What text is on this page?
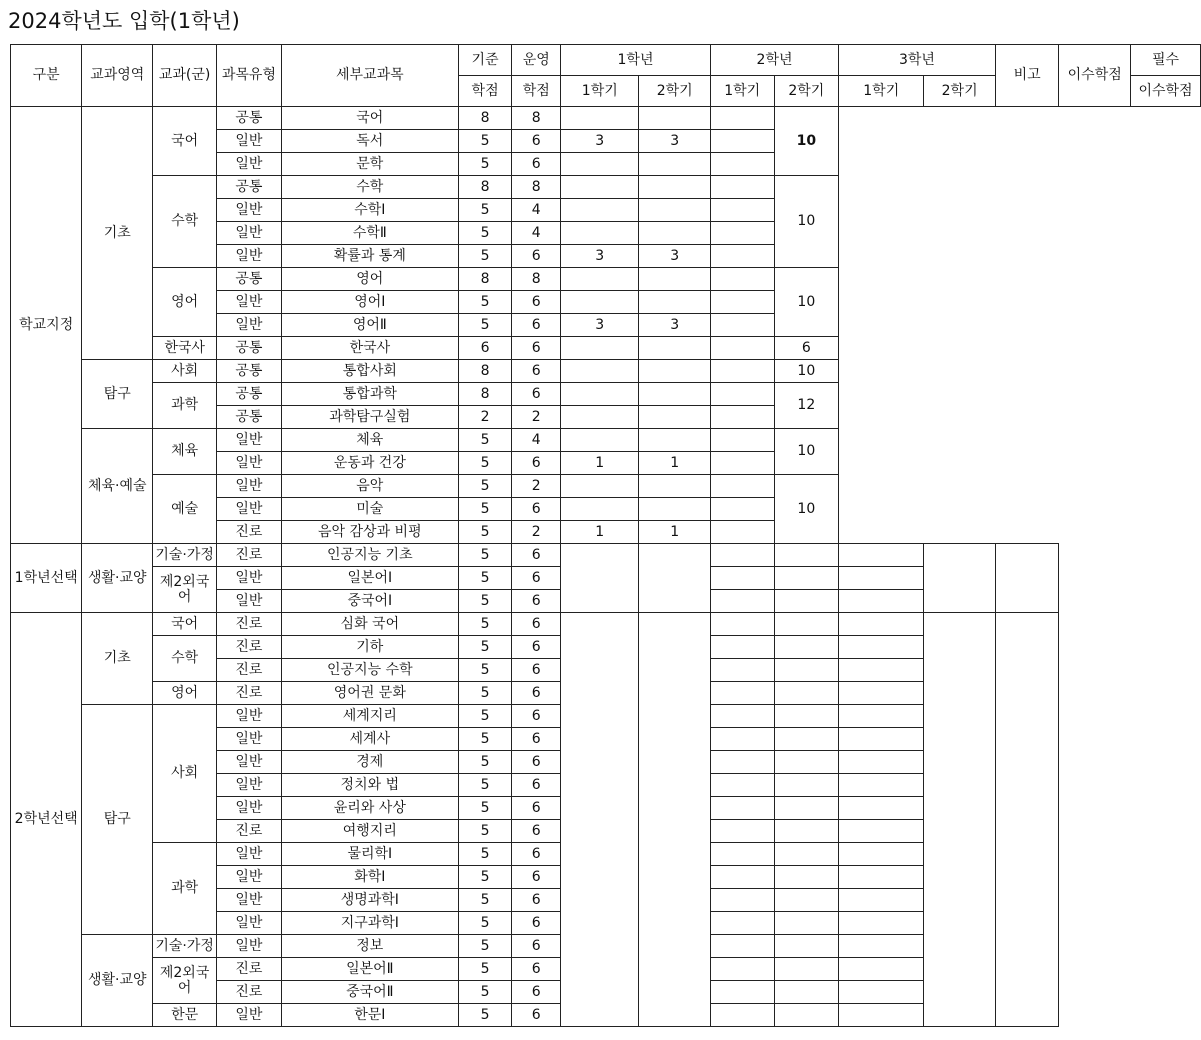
2024학년도 입학(1학년)
구분	교과영역	교과(군)	과목유형	세부교과목	기준	운영	1학년		2학년		3학년		비고	이수학점	필수
					학점	학점	1학기	2학기	1학기	2학기	1학기	2학기			이수학점
학교지정	기초	국어	공통	국어	8	8				10					
			일반	독서	5	6	3	3							
			일반	문학	5	6									
		수학	공통	수학	8	8				10					
			일반	수학Ⅰ	5	4									
			일반	수학Ⅱ	5	4									
			일반	확률과 통계	5	6	3	3							
		영어	공통	영어	8	8				10					
			일반	영어Ⅰ	5	6									
			일반	영어Ⅱ	5	6	3	3							
		한국사	공통	한국사	6	6				6					
	탐구	사회	공통	통합사회	8	6				10					
		과학	공통	통합과학	8	6				12					
			공통	과학탐구실험	2	2									
	체육·예술	체육	일반	체육	5	4				10					
			일반	운동과 건강	5	6	1	1							
		예술	일반	음악	5	2				10					
			일반	미술	5	6									
			진로	음악 감상과 비평	5	2	1	1							
1학년선택	생활·교양	기술·가정	진로	인공지능 기초	5	6									
		제2외국어	일반	일본어Ⅰ	5	6									
			일반	중국어Ⅰ	5	6									
2학년선택	기초	국어	진로	심화 국어	5	6									
		수학	진로	기하	5	6									
			진로	인공지능 수학	5	6									
		영어	진로	영어권 문화	5	6									
	탐구	사회	일반	세계지리	5	6									
			일반	세계사	5	6									
			일반	경제	5	6									
			일반	정치와 법	5	6									
			일반	윤리와 사상	5	6									
			진로	여행지리	5	6									
		과학	일반	물리학Ⅰ	5	6									
			일반	화학Ⅰ	5	6									
			일반	생명과학Ⅰ	5	6									
			일반	지구과학Ⅰ	5	6									
	생활·교양	기술·가정	일반	정보	5	6									
		제2외국어	진로	일본어Ⅱ	5	6									
			진로	중국어Ⅱ	5	6									
		한문	일반	한문Ⅰ	5	6									
